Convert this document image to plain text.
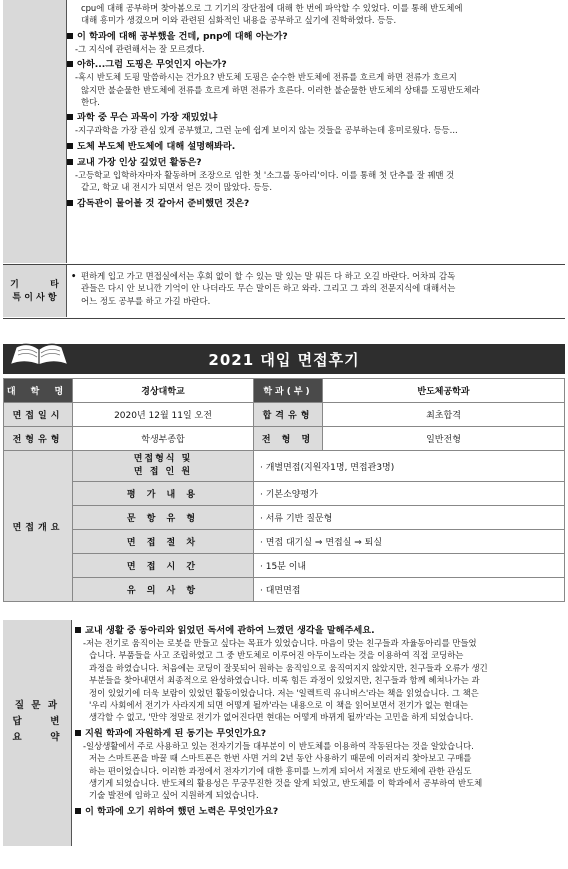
cpu에 대해 공부하며 찾아봄으로 그 기기의 장단점에 대해 한 번에 파악할 수 있었다. 이를 통해 반도체에
대해 흥미가 생겼으며 이와 관련된 심화적인 내용을 공부하고 싶기에 진학하였다. 등등.
이 학과에 대해 공부했을 건데, pnp에 대해 아는가?
-그 지식에 관련해서는 잘 모르겠다.
아하...그럼 도핑은 무엇인지 아는가?
-혹시 반도체 도핑 말씀하시는 건가요? 반도체 도핑은 순수한 반도체에 전류를 흐르게 하면 전류가 흐르지
않지만 불순물한 반도체에 전류를 흐르게 하면 전류가 흐른다. 이러한 불순물한 반도체의 상태를 도핑반도체라
한다.
과학 중 무슨 과목이 가장 재밌었냐
-지구과학을 가장 관심 있게 공부했고, 그런 눈에 쉽게 보이지 않는 것들을 공부하는데 흥미로웠다. 등등...
도체 부도체 반도체에 대해 설명해봐라.
교내 가장 인상 깊었던 활동은?
-고등학교 입학하자마자 활동하며 조장으로 임한 첫 '소그룹 동아리'이다. 이를 통해 첫 단추를 잘 꿰맨 것
같고, 학교 내 전시가 되면서 얻은 것이 많았다. 등등.
감독관이 물어볼 것 같아서 준비했던 것은?
기          타
특 이 사 항
• 편하게 입고 가고 면접실에서는 후회 없이 할 수 있는 말 있는 말 뭐든 다 하고 오길 바란다. 어차피 감독
관들은 다시 안 보니깐 기억이 안 나더라도 무슨 말이든 하고 와라. 그리고 그 과의 전문지식에 대해서는
어느 정도 공부를 하고 가길 바란다.
2021 대입 면접후기
대 학 명	경상대학교	학과(부)	반도체공학과
면접일시	2020년 12월 11일 오전	합격유형	최초합격
전형유형	학생부종합	전 형 명	일반전형
면접개요	면접형식 및
면 접 인 원	· 개별면접(지원자1명, 면접관3명)	
	평 가 내 용	· 기본소양평가	
	문 항 유 형	· 서류 기반 질문형	
	면 접 절 차	· 면접 대기실 ⇒ 면접실 ⇒ 퇴실	
	면 접 시 간	· 15분 이내	
	유 의 사 항	· 대면면접	
질 문 과
답     변
요     약
교내 생활 중 동아리와 읽었던 독서에 관하여 느꼈던 생각을 말해주세요.
-저는 전기로 움직이는 로봇을 만들고 싶다는 목표가 있었습니다. 마음이 맞는 친구들과 자율동아리를 만들었
습니다. 부품들을 사고 조립하였고 그 중 반도체로 이루어진 아두이노라는 것을 이용하여 직접 코딩하는
과정을 하였습니다. 처음에는 코딩이 잘못되어 원하는 움직임으로 움직여지지 않았지만, 친구들과 오류가 생긴
부분들을 찾아내면서 최종적으로 완성하였습니다. 비록 힘든 과정이 있었지만, 친구들과 함께 헤쳐나가는 과
정이 있었기에 더욱 보람이 있었던 활동이었습니다. 저는 '일렉트릭 유니버스'라는 책을 읽었습니다. 그 책은
'우리 사회에서 전기가 사라지게 되면 어떻게 될까'라는 내용으로 이 책을 읽어보면서 전기가 없는 현대는
생각할 수 없고, '만약 정말로 전기가 없어진다면 현대는 어떻게 바뀌게 될까'라는 고민을 하게 되었습니다.
지원 학과에 자원하게 된 동기는 무엇인가요?
-일상생활에서 주로 사용하고 있는 전자기기들 대부분이 이 반도체를 이용하여 작동된다는 것을 알았습니다.
저는 스마트폰을 바꿀 때 스마트폰은 한번 사면 거의 2년 동안 사용하기 때문에 이러저리 찾아보고 구매를
하는 편이었습니다. 이러한 과정에서 전자기기에 대한 흥미를 느끼게 되어서 저절로 반도체에 관한 관심도
생기게 되었습니다. 반도체의 활용성은 무궁무진한 것을 알게 되었고, 반도체를 이 학과에서 공부하여 반도체
기술 발전에 임하고 싶어 지원하게 되었습니다.
이 학과에 오기 위하여 했던 노력은 무엇인가요?
